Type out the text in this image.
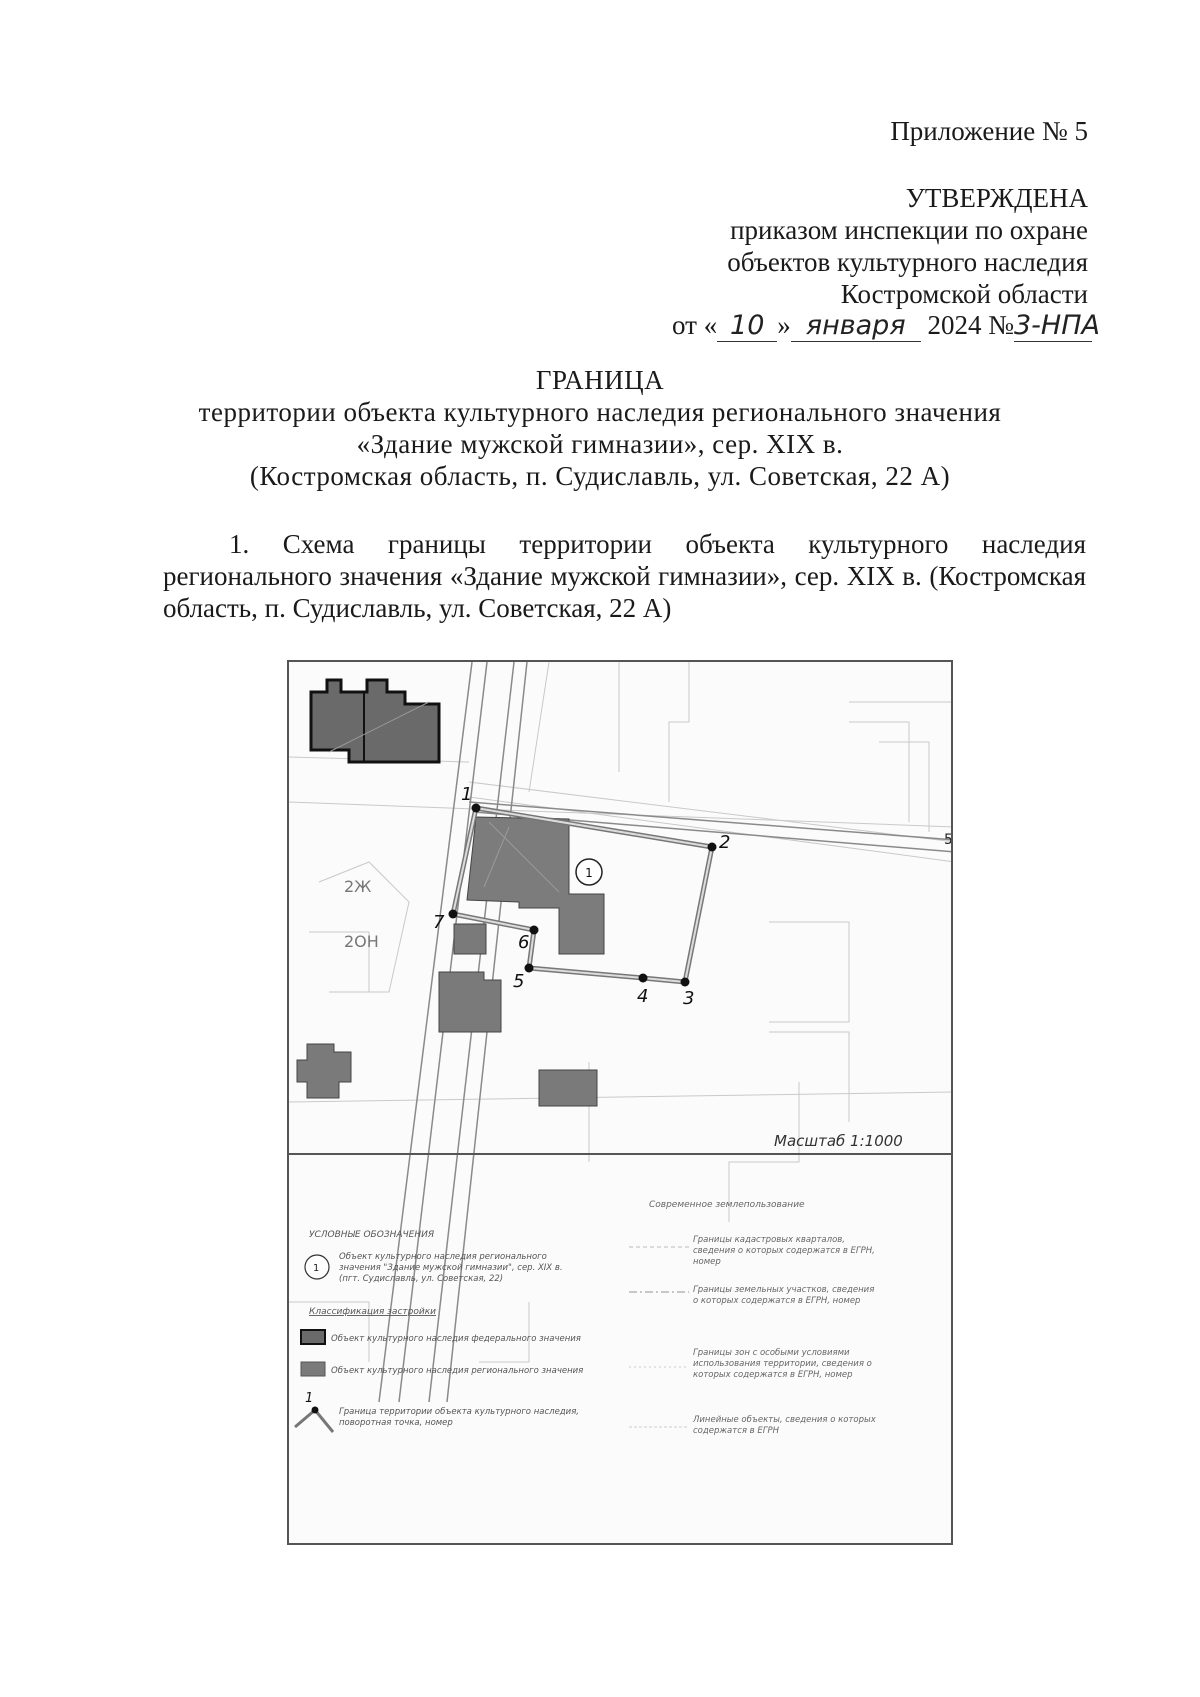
Приложение № 5
УТВЕРЖДЕНА
приказом инспекции по охране
объектов культурного наследия
Костромской области
от « 10 » января 2024 №3-НПА
ГРАНИЦА
территории объекта культурного наследия регионального значения
«Здание мужской гимназии», сер. XIX в.
(Костромская область, п. Судиславль, ул. Советская, 22 А)
1. Схема границы территории объекта культурного наследия регионального значения «Здание мужской гимназии», сер. XIX в. (Костромская область, п. Судиславль, ул. Советская, 22 А)
1
2
3
4
5
6
7
1
2Ж
2ОН
5
Масштаб 1:1000
УСЛОВНЫЕ ОБОЗНАЧЕНИЯ
1
Объект культурного наследия регионального
значения "Здание мужской гимназии", сер. XIX в.
(пгт. Судиславль, ул. Советская, 22)
Классификация застройки
Объект культурного наследия федерального значения
Объект культурного наследия регионального значения
1
Граница территории объекта культурного наследия,
поворотная точка, номер
Современное землепользование
Границы кадастровых кварталов,
сведения о которых содержатся в ЕГРН,
номер
Границы земельных участков, сведения
о которых содержатся в ЕГРН, номер
Границы зон с особыми условиями
использования территории, сведения о
которых содержатся в ЕГРН, номер
Линейные объекты, сведения о которых
содержатся в ЕГРН
